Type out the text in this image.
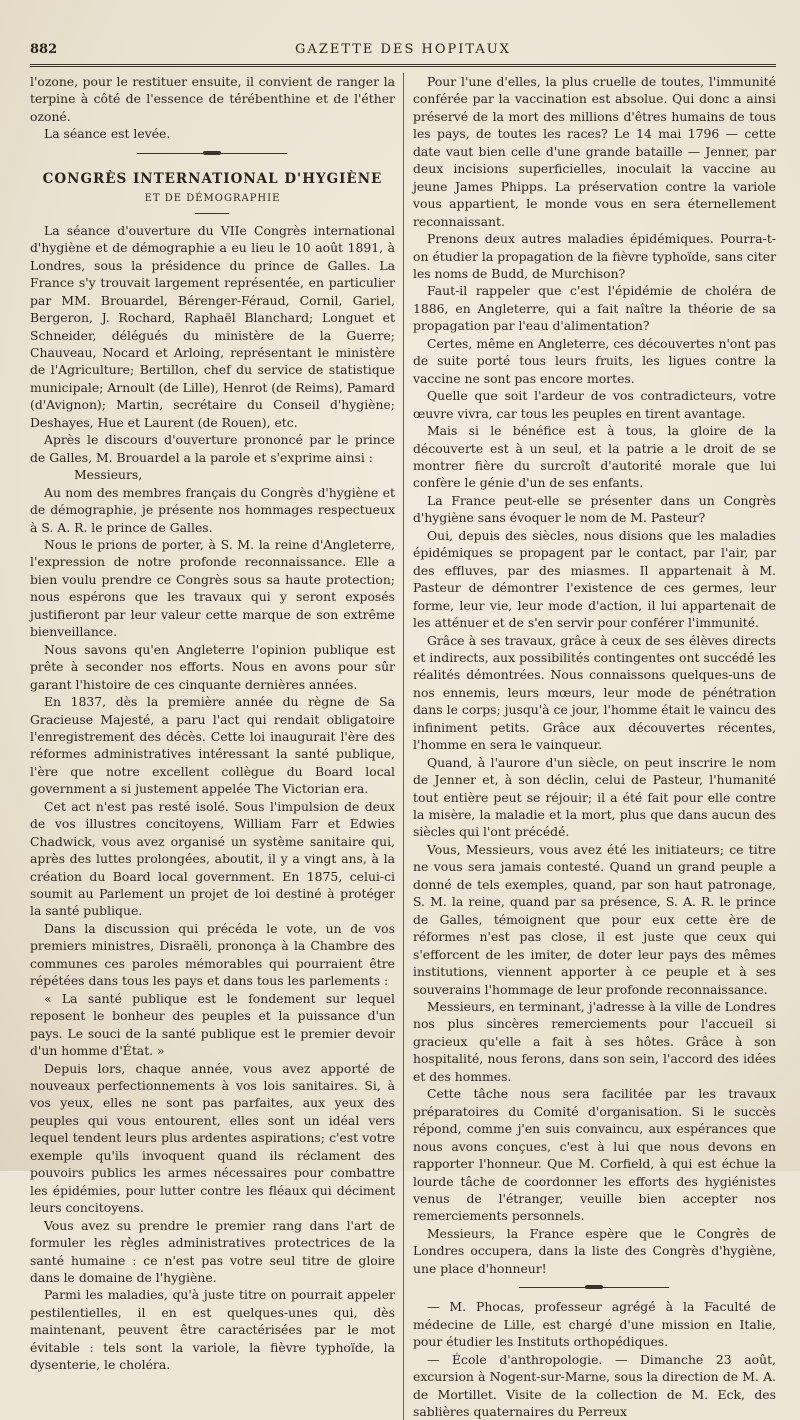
882	GAZETTE DES HOPITAUX

l'ozone, pour le restituer ensuite, il convient de ranger la terpine à côté de l'essence de térébenthine et de l'éther ozoné.

La séance est levée.

CONGRÈS INTERNATIONAL D'HYGIÈNE
ET DE DÉMOGRAPHIE

La séance d'ouverture du VIIe Congrès international d'hygiène et de démographie a eu lieu le 10 août 1891, à Londres, sous la présidence du prince de Galles. La France s'y trouvait largement représentée, en particulier par MM. Brouardel, Bérenger-Féraud, Cornil, Gariel, Bergeron, J. Rochard, Raphaël Blanchard; Longuet et Schneider, délégués du ministère de la Guerre; Chauveau, Nocard et Arloing, représentant le ministère de l'Agriculture; Bertillon, chef du service de statistique municipale; Arnoult (de Lille), Henrot (de Reims), Pamard (d'Avignon); Martin, secrétaire du Conseil d'hygiène; Deshayes, Hue et Laurent (de Rouen), etc.

Après le discours d'ouverture prononcé par le prince de Galles, M. Brouardel a la parole et s'exprime ainsi :

Messieurs,

Au nom des membres français du Congrès d'hygiène et de démographie, je présente nos hommages respectueux à S. A. R. le prince de Galles.

Nous le prions de porter, à S. M. la reine d'Angleterre, l'expression de notre profonde reconnaissance. Elle a bien voulu prendre ce Congrès sous sa haute protection; nous espérons que les travaux qui y seront exposés justifieront par leur valeur cette marque de son extrême bienveillance.

Nous savons qu'en Angleterre l'opinion publique est prête à seconder nos efforts. Nous en avons pour sûr garant l'histoire de ces cinquante dernières années.

En 1837, dès la première année du règne de Sa Gracieuse Majesté, a paru l'act qui rendait obligatoire l'enregistrement des décès. Cette loi inaugurait l'ère des réformes administratives intéressant la santé publique, l'ère que notre excellent collègue du Board local government a si justement appelée The Victorian era.

Cet act n'est pas resté isolé. Sous l'impulsion de deux de vos illustres concitoyens, William Farr et Edwies Chadwick, vous avez organisé un système sanitaire qui, après des luttes prolongées, aboutit, il y a vingt ans, à la création du Board local government. En 1875, celui-ci soumit au Parlement un projet de loi destiné à protéger la santé publique.

Dans la discussion qui précéda le vote, un de vos premiers ministres, Disraëli, prononça à la Chambre des communes ces paroles mémorables qui pourraient être répétées dans tous les pays et dans tous les parlements :

« La santé publique est le fondement sur lequel reposent le bonheur des peuples et la puissance d'un pays. Le souci de la santé publique est le premier devoir d'un homme d'État. »

Depuis lors, chaque année, vous avez apporté de nouveaux perfectionnements à vos lois sanitaires. Si, à vos yeux, elles ne sont pas parfaites, aux yeux des peuples qui vous entourent, elles sont un idéal vers lequel tendent leurs plus ardentes aspirations; c'est votre exemple qu'ils invoquent quand ils réclament des pouvoirs publics les armes nécessaires pour combattre les épidémies, pour lutter contre les fléaux qui déciment leurs concitoyens.

Vous avez su prendre le premier rang dans l'art de formuler les règles administratives protectrices de la santé humaine : ce n'est pas votre seul titre de gloire dans le domaine de l'hygiène.

Parmi les maladies, qu'à juste titre on pourrait appeler pestilentielles, il en est quelques-unes qui, dès maintenant, peuvent être caractérisées par le mot évitable : tels sont la variole, la fièvre typhoïde, la dysenterie, le choléra.

Pour l'une d'elles, la plus cruelle de toutes, l'immunité conférée par la vaccination est absolue. Qui donc a ainsi préservé de la mort des millions d'êtres humains de tous les pays, de toutes les races? Le 14 mai 1796 — cette date vaut bien celle d'une grande bataille — Jenner, par deux incisions superficielles, inoculait la vaccine au jeune James Phipps. La préservation contre la variole vous appartient, le monde vous en sera éternellement reconnaissant.

Prenons deux autres maladies épidémiques. Pourra-t-on étudier la propagation de la fièvre typhoïde, sans citer les noms de Budd, de Murchison?

Faut-il rappeler que c'est l'épidémie de choléra de 1886, en Angleterre, qui a fait naître la théorie de sa propagation par l'eau d'alimentation?

Certes, même en Angleterre, ces découvertes n'ont pas de suite porté tous leurs fruits, les ligues contre la vaccine ne sont pas encore mortes.

Quelle que soit l'ardeur de vos contradicteurs, votre œuvre vivra, car tous les peuples en tirent avantage.

Mais si le bénéfice est à tous, la gloire de la découverte est à un seul, et la patrie a le droit de se montrer fière du surcroît d'autorité morale que lui confère le génie d'un de ses enfants.

La France peut-elle se présenter dans un Congrès d'hygiène sans évoquer le nom de M. Pasteur?

Oui, depuis des siècles, nous disions que les maladies épidémiques se propagent par le contact, par l'air, par des effluves, par des miasmes. Il appartenait à M. Pasteur de démontrer l'existence de ces germes, leur forme, leur vie, leur mode d'action, il lui appartenait de les atténuer et de s'en servir pour conférer l'immunité.

Grâce à ses travaux, grâce à ceux de ses élèves directs et indirects, aux possibilités contingentes ont succédé les réalités démontrées. Nous connaissons quelques-uns de nos ennemis, leurs mœurs, leur mode de pénétration dans le corps; jusqu'à ce jour, l'homme était le vaincu des infiniment petits. Grâce aux découvertes récentes, l'homme en sera le vainqueur.

Quand, à l'aurore d'un siècle, on peut inscrire le nom de Jenner et, à son déclin, celui de Pasteur, l'humanité tout entière peut se réjouir; il a été fait pour elle contre la misère, la maladie et la mort, plus que dans aucun des siècles qui l'ont précédé.

Vous, Messieurs, vous avez été les initiateurs; ce titre ne vous sera jamais contesté. Quand un grand peuple a donné de tels exemples, quand, par son haut patronage, S. M. la reine, quand par sa présence, S. A. R. le prince de Galles, témoignent que pour eux cette ère de réformes n'est pas close, il est juste que ceux qui s'efforcent de les imiter, de doter leur pays des mêmes institutions, viennent apporter à ce peuple et à ses souverains l'hommage de leur profonde reconnaissance.

Messieurs, en terminant, j'adresse à la ville de Londres nos plus sincères remerciements pour l'accueil si gracieux qu'elle a fait à ses hôtes. Grâce à son hospitalité, nous ferons, dans son sein, l'accord des idées et des hommes.

Cette tâche nous sera facilitée par les travaux préparatoires du Comité d'organisation. Si le succès répond, comme j'en suis convaincu, aux espérances que nous avons conçues, c'est à lui que nous devons en rapporter l'honneur. Que M. Corfield, à qui est échue la lourde tâche de coordonner les efforts des hygiénistes venus de l'étranger, veuille bien accepter nos remerciements personnels.

Messieurs, la France espère que le Congrès de Londres occupera, dans la liste des Congrès d'hygiène, une place d'honneur!

— M. Phocas, professeur agrégé à la Faculté de médecine de Lille, est chargé d'une mission en Italie, pour étudier les Instituts orthopédiques.

— École d'anthropologie. — Dimanche 23 août, excursion à Nogent-sur-Marne, sous la direction de M. A. de Mortillet. Visite de la collection de M. Eck, des sablières quaternaires du Perreux
